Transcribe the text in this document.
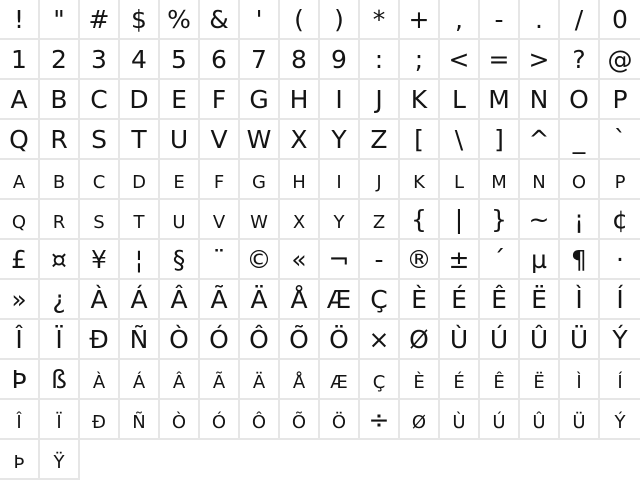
! " # $ % & ' ( ) * + , - . / 0
1 2 3 4 5 6 7 8 9 : ; < = > ? @
A B C D E F G H I J K L M N O P
Q R S T U V W X Y Z [ \ ] ^ _ `
a b c d e f g h i j k l m n o p
q r s t u v w x y z { | } ~ ¡ ¢
£ ¤ ¥ ¦ § ¨ © « ¬ - ® ± ´ µ ¶ ·
» ¿ À Á Â Ã Ä Å Æ Ç È É Ê Ë Ì Í
Î Ï Ð Ñ Ò Ó Ô Õ Ö × Ø Ù Ú Û Ü Ý
Þ ß à á â ã ä å æ ç è é ê ë ì í
î ï ð ñ ò ó ô õ ö ÷ ø ù ú û ü ý
þ ÿ
